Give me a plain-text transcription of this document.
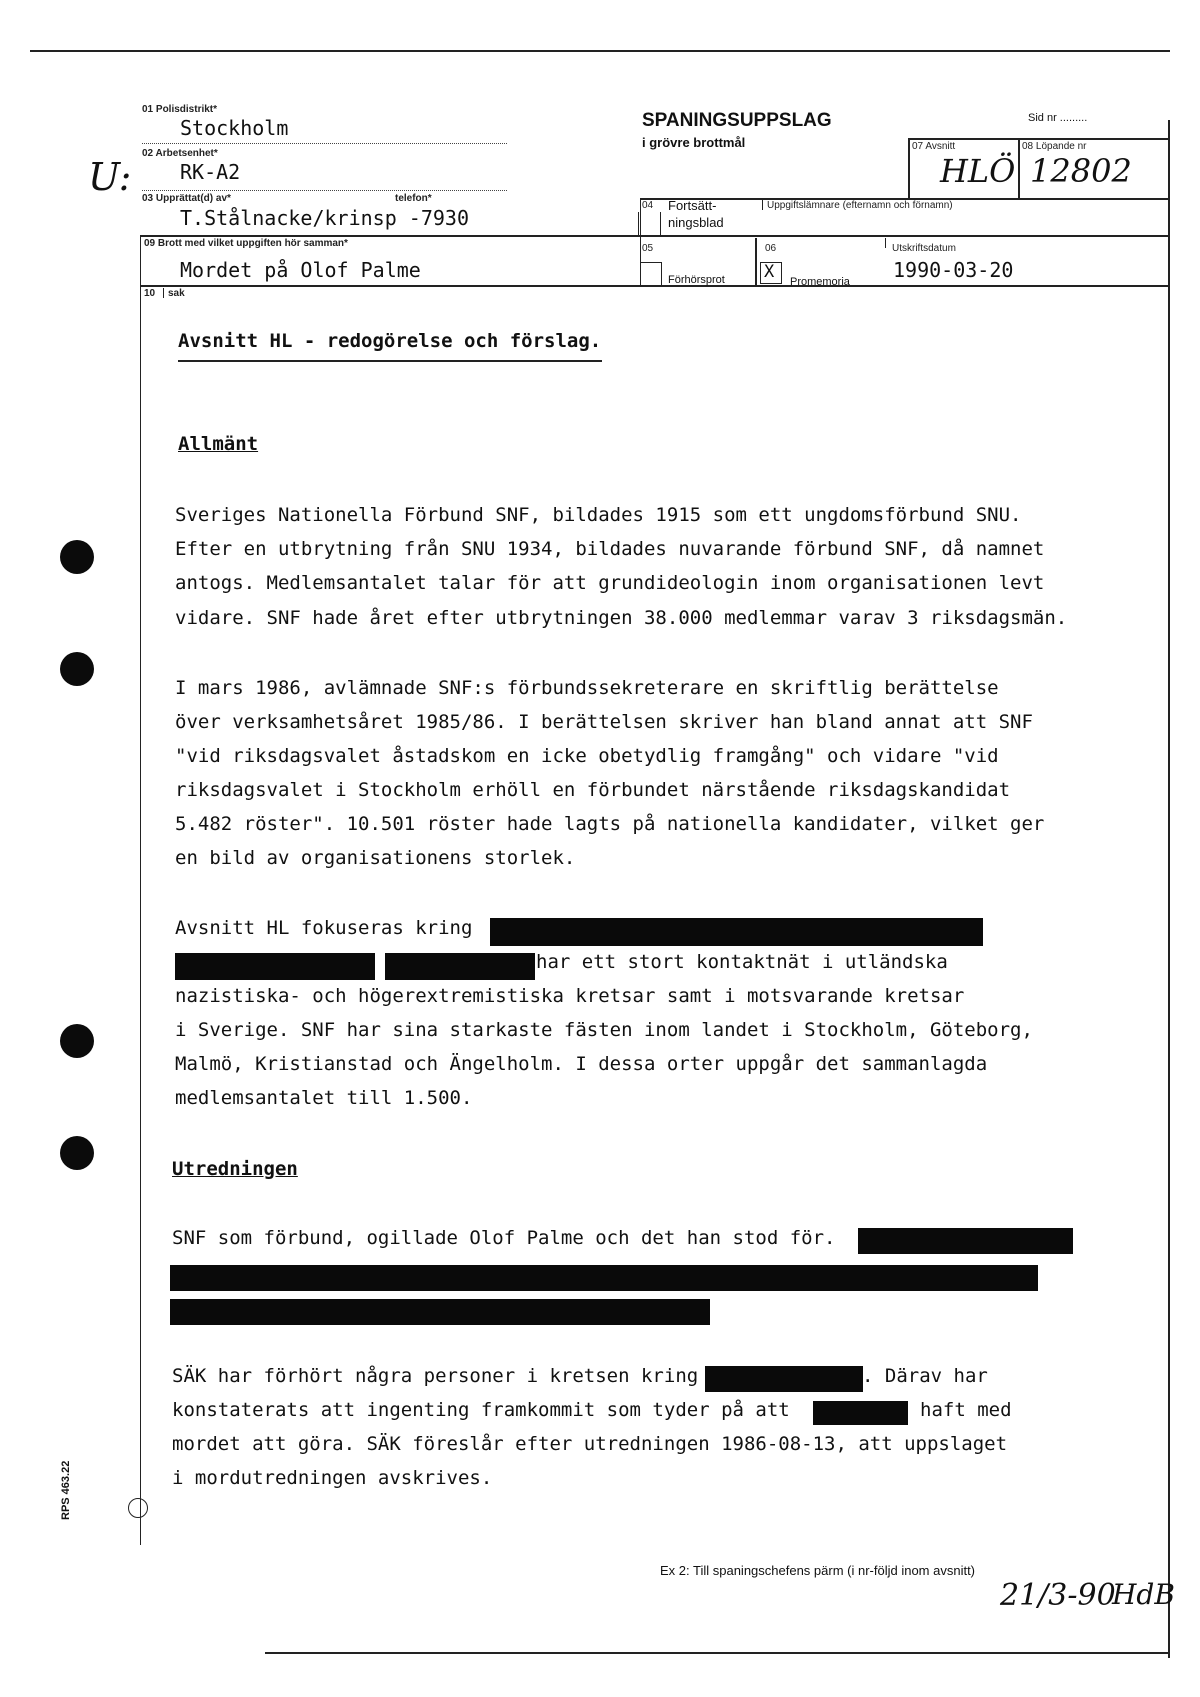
U:
01 Polisdistrikt*
Stockholm
02 Arbetsenhet*
RK-A2
03 Upprättat(d) av*	telefon*
T.Stålnacke/krinsp -7930
09 Brott med vilket uppgiften hör samman*
Mordet på Olof Palme
10 sak
SPANINGSUPPSLAG
i grövre brottmål
Sid nr .........
07 Avsnitt
HLÖ
08 Löpande nr
12802
04 Fortsätt-
ningsblad
Uppgiftslämnare (efternamn och förnamn)
05
Förhörsprot
06
X Promemoria
Utskriftsdatum
1990-03-20
Avsnitt HL - redogörelse och förslag.
Allmänt
Sveriges Nationella Förbund SNF, bildades 1915 som ett ungdomsförbund SNU.
Efter en utbrytning från SNU 1934, bildades nuvarande förbund SNF, då namnet
antogs. Medlemsantalet talar för att grundideologin inom organisationen levt
vidare. SNF hade året efter utbrytningen 38.000 medlemmar varav 3 riksdagsmän.
I mars 1986, avlämnade SNF:s förbundssekreterare en skriftlig berättelse
över verksamhetsåret 1985/86. I berättelsen skriver han bland annat att SNF
"vid riksdagsvalet åstadskom en icke obetydlig framgång" och vidare "vid
riksdagsvalet i Stockholm erhöll en förbundet närstående riksdagskandidat
5.482 röster". 10.501 röster hade lagts på nationella kandidater, vilket ger
en bild av organisationens storlek.
Avsnitt HL fokuseras kring
har ett stort kontaktnät i utländska
nazistiska- och högerextremistiska kretsar samt i motsvarande kretsar
i Sverige. SNF har sina starkaste fästen inom landet i Stockholm, Göteborg,
Malmö, Kristianstad och Ängelholm. I dessa orter uppgår det sammanlagda
medlemsantalet till 1.500.
Utredningen
SNF som förbund, ogillade Olof Palme och det han stod för.
SÄK har förhört några personer i kretsen kring	. Därav har
konstaterats att ingenting framkommit som tyder på att	haft med
mordet att göra. SÄK föreslår efter utredningen 1986-08-13, att uppslaget
i mordutredningen avskrives.
RPS 463.22
Ex 2: Till spaningschefens pärm (i nr-följd inom avsnitt)
21/3-90
HdB
